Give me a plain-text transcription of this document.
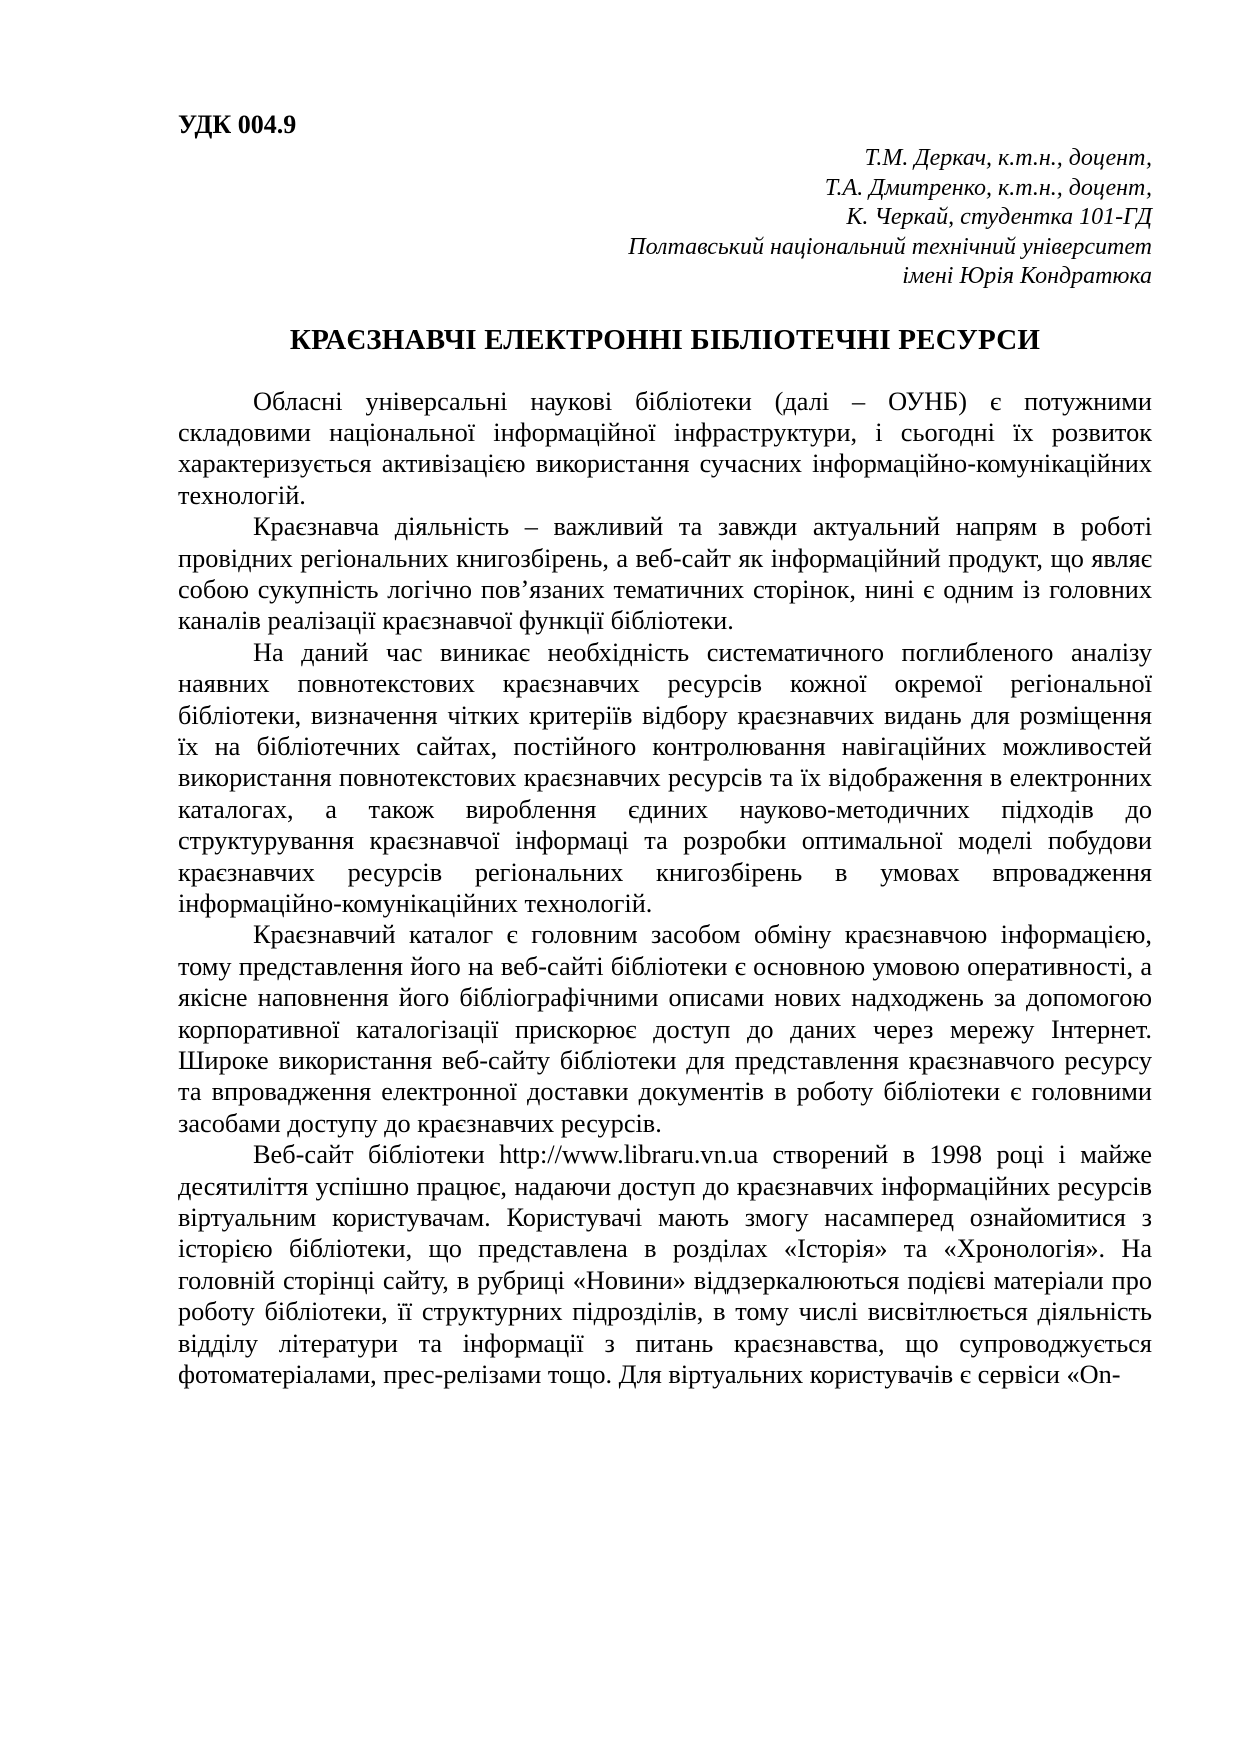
УДК 004.9
Т.М. Деркач, к.т.н., доцент,
Т.А. Дмитренко, к.т.н., доцент,
К. Черкай, студентка 101-ГД
Полтавський національний технічний університет
імені Юрія Кондратюка
КРАЄЗНАВЧІ ЕЛЕКТРОННІ БІБЛІОТЕЧНІ РЕСУРСИ

Обласні універсальні наукові бібліотеки (далі – ОУНБ) є потужними складовими національної інформаційної інфраструктури, і сьогодні їх розвиток характеризується активізацією використання сучасних інформаційно-комунікаційних технологій.

Краєзнавча діяльність – важливий та завжди актуальний напрям в роботі провідних регіональних книгозбірень, а веб-сайт як інформаційний продукт, що являє собою сукупність логічно пов’язаних тематичних сторінок, нині є одним із головних каналів реалізації краєзнавчої функції бібліотеки.

На даний час виникає необхідність систематичного поглибленого аналізу наявних повнотекстових краєзнавчих ресурсів кожної окремої регіональної бібліотеки, визначення чітких критеріїв відбору краєзнавчих видань для розміщення їх на бібліотечних сайтах, постійного контролювання навігаційних можливостей використання повнотекстових краєзнавчих ресурсів та їх відображення в електронних каталогах, а також вироблення єдиних науково-методичних підходів до структурування краєзнавчої інформаці та розробки оптимальної моделі побудови краєзнавчих ресурсів регіональних книгозбірень в умовах впровадження інформаційно-комунікаційних технологій.

Краєзнавчий каталог є головним засобом обміну краєзнавчою інформацією, тому представлення його на веб-сайті бібліотеки є основною умовою оперативності, а якісне наповнення його бібліографічними описами нових надходжень за допомогою корпоративної каталогізації прискорює доступ до даних через мережу Інтернет. Широке використання веб-сайту бібліотеки для представлення краєзнавчого ресурсу та впровадження електронної доставки документів в роботу бібліотеки є головними засобами доступу до краєзнавчих ресурсів.

Веб-сайт бібліотеки http://www.libraru.vn.ua створений в 1998 році і майже десятиліття успішно працює, надаючи доступ до краєзнавчих інформаційних ресурсів віртуальним користувачам. Користувачі мають змогу насамперед ознайомитися з історією бібліотеки, що представлена в розділах «Історія» та «Хронологія». На головній сторінці сайту, в рубриці «Новини» віддзеркалюються подієві матеріали про роботу бібліотеки, її структурних підрозділів, в тому числі висвітлюється діяльність відділу літератури та інформації з питань краєзнавства, що супроводжується фотоматеріалами, прес-релізами тощо. Для віртуальних користувачів є сервіси «On-
